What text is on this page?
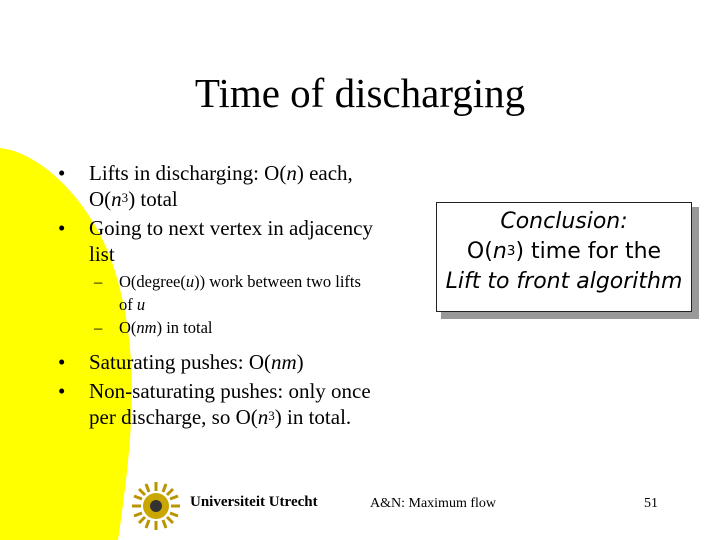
Time of discharging

• Lifts in discharging: O(n) each,
$O(n^3)$ total

• Going to next vertex in adjacency
list

– O(degree(u)) work between two lifts
of u

– O(nm) in total

• Saturating pushes: O(nm)

• Non-saturating pushes: only once
per discharge, so $O(n^3)$ in total.

Conclusion:
$O(n^3)$ time for the
Lift to front algorithm
Universiteit Utrecht	A&N: Maximum flow	51
